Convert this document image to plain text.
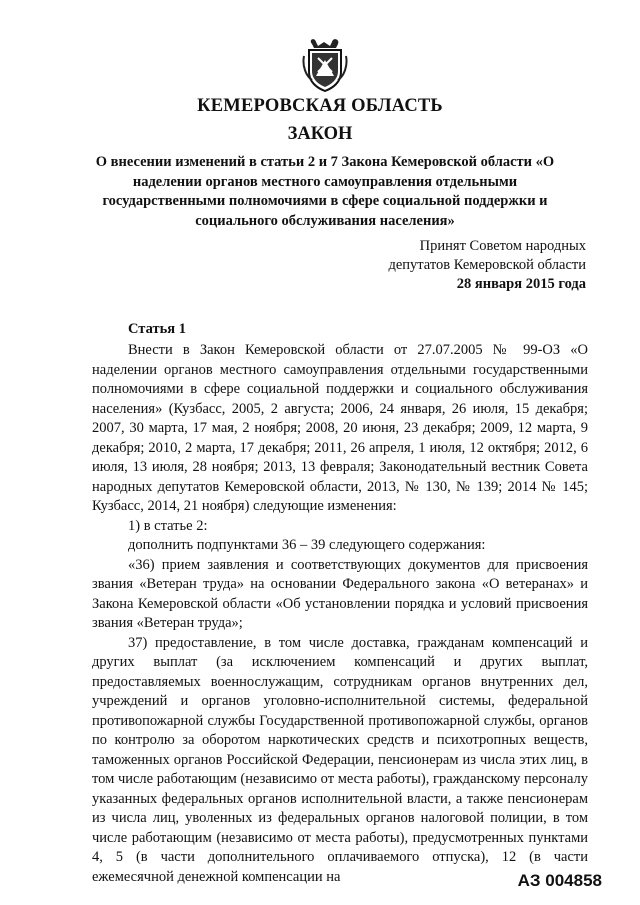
КЕМЕРОВСКАЯ ОБЛАСТЬ
ЗАКОН
О внесении изменений в статьи 2 и 7 Закона Кемеровской области «О наделении органов местного самоуправления отдельными государственными полномочиями в сфере социальной поддержки и социального обслуживания населения»
Принят Советом народных
депутатов Кемеровской области
28 января 2015 года
Статья 1

Внести в Закон Кемеровской области от 27.07.2005 № 99-ОЗ «О наделении органов местного самоуправления отдельными государственными полномочиями в сфере социальной поддержки и социального обслуживания населения» (Кузбасс, 2005, 2 августа; 2006, 24 января, 26 июля, 15 декабря; 2007, 30 марта, 17 мая, 2 ноября; 2008, 20 июня, 23 декабря; 2009, 12 марта, 9 декабря; 2010, 2 марта, 17 декабря; 2011, 26 апреля, 1 июля, 12 октября; 2012, 6 июля, 13 июля, 28 ноября; 2013, 13 февраля; Законодательный вестник Совета народных депутатов Кемеровской области, 2013, № 130, № 139; 2014 № 145; Кузбасс, 2014, 21 ноября) следующие изменения:

1) в статье 2:

дополнить подпунктами 36 – 39 следующего содержания:

«36) прием заявления и соответствующих документов для присвоения звания «Ветеран труда» на основании Федерального закона «О ветеранах» и Закона Кемеровской области «Об установлении порядка и условий присвоения звания «Ветеран труда»;

37) предоставление, в том числе доставка, гражданам компенсаций и других выплат (за исключением компенсаций и других выплат, предоставляемых военнослужащим, сотрудникам органов внутренних дел, учреждений и органов уголовно-исполнительной системы, федеральной противопожарной службы Государственной противопожарной службы, органов по контролю за оборотом наркотических средств и психотропных веществ, таможенных органов Российской Федерации, пенсионерам из числа этих лиц, в том числе работающим (независимо от места работы), гражданскому персоналу указанных федеральных органов исполнительной власти, а также пенсионерам из числа лиц, уволенных из федеральных органов налоговой полиции, в том числе работающим (независимо от места работы), предусмотренных пунктами 4, 5 (в части дополнительного оплачиваемого отпуска), 12 (в части ежемесячной денежной компенсации на	АЗ 004858
